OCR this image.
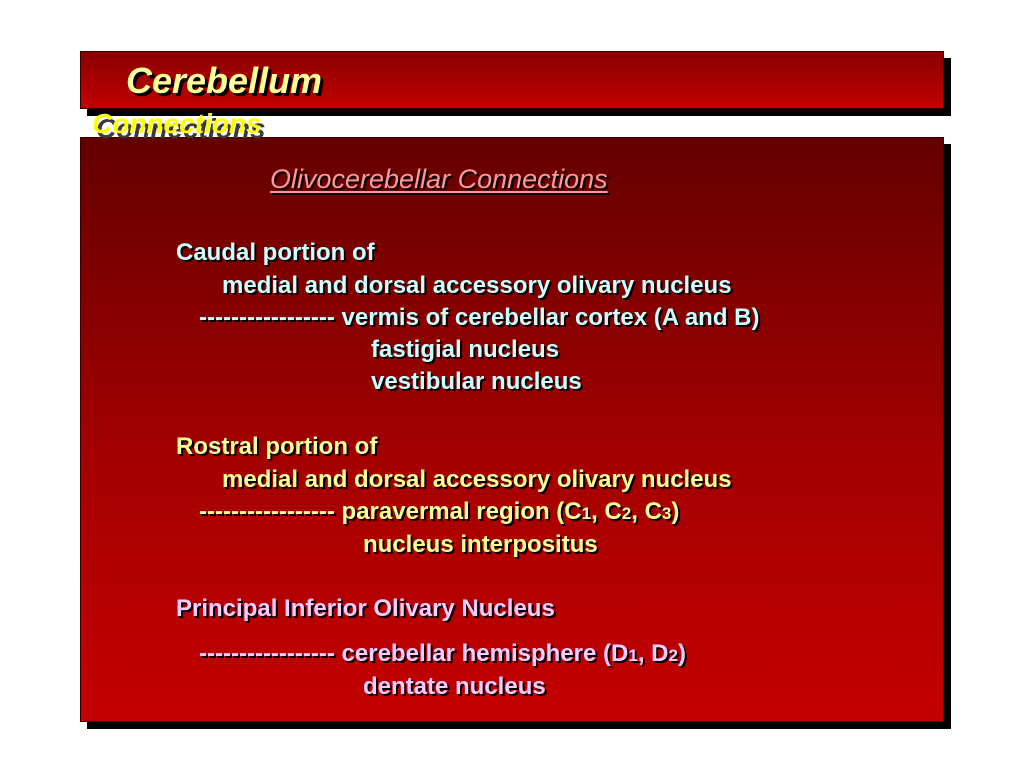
Cerebellum
Connections

Olivocerebellar Connections

Caudal portion of

medial and dorsal accessory olivary nucleus

----------------- vermis of cerebellar cortex (A and B)

fastigial nucleus

vestibular nucleus

Rostral portion of

medial and dorsal accessory olivary nucleus

----------------- paravermal region (C1, C2, C3)

nucleus interpositus

Principal Inferior Olivary Nucleus

----------------- cerebellar hemisphere (D1, D2)

dentate nucleus
